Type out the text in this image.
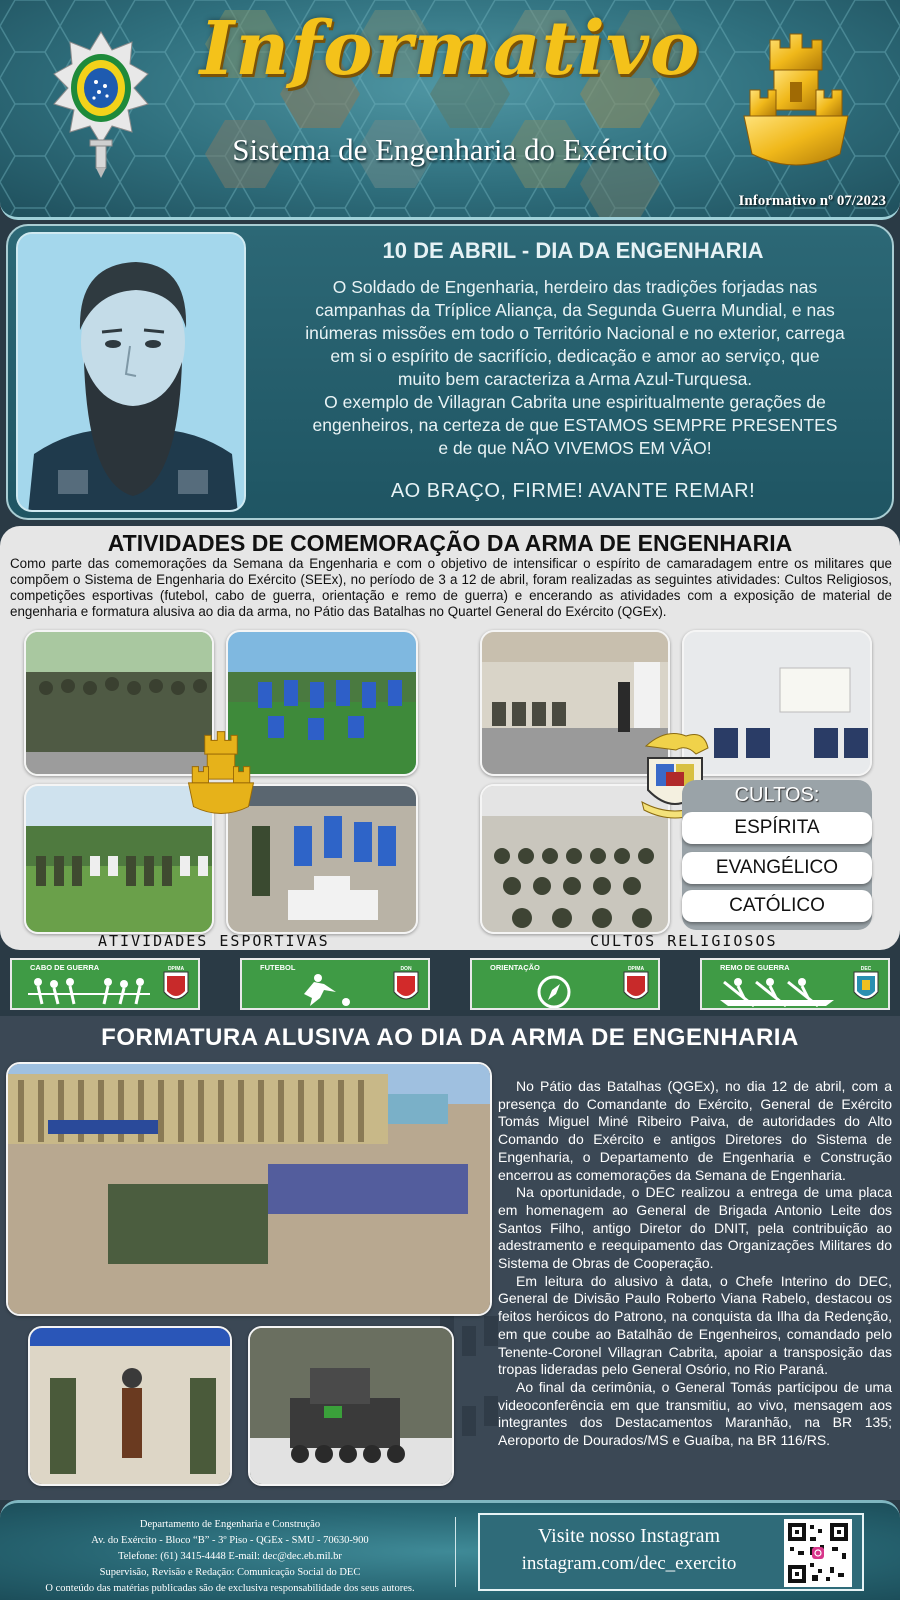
Informativo
Sistema de Engenharia do Exército
Informativo nº 07/2023
10 DE ABRIL - DIA DA ENGENHARIA
O Soldado de Engenharia, herdeiro das tradições forjadas nas
campanhas da Tríplice Aliança, da Segunda Guerra Mundial, e nas
inúmeras missões em todo o Território Nacional e no exterior, carrega
em si o espírito de sacrifício, dedicação e amor ao serviço, que
muito bem caracteriza a Arma Azul-Turquesa.
O exemplo de Villagran Cabrita une espiritualmente gerações de
engenheiros, na certeza de que ESTAMOS SEMPRE PRESENTES
e de que NÃO VIVEMOS EM VÃO!
AO BRAÇO, FIRME! AVANTE REMAR!
ATIVIDADES DE COMEMORAÇÃO DA ARMA DE ENGENHARIA
Como parte das comemorações da Semana da Engenharia e com o objetivo de intensificar o espírito de camaradagem entre os militares que compõem o Sistema de Engenharia do Exército (SEEx), no período de 3 a 12 de abril, foram realizadas as seguintes atividades: Cultos Religiosos, competições esportivas (futebol, cabo de guerra, orientação e remo de guerra) e encerando as atividades com a exposição de material de engenharia e formatura alusiva ao dia da arma, no Pátio das Batalhas no Quartel General do Exército (QGEx).
CULTOS:
ESPÍRITA
EVANGÉLICO
CATÓLICO
ATIVIDADES ESPORTIVAS	CULTOS RELIGIOSOS
CABO DE GUERRA	DPIMA	FUTEBOL	DON	ORIENTAÇÃO	DPIMA	REMO DE GUERRA	DEC
FORMATURA ALUSIVA AO DIA DA ARMA DE ENGENHARIA

No Pátio das Batalhas (QGEx), no dia 12 de abril, com a presença do Comandante do Exército, General de Exército Tomás Miguel Miné Ribeiro Paiva, de autoridades do Alto Comando do Exército e antigos Diretores do Sistema de Engenharia, o Departamento de Engenharia e Construção encerrou as comemorações da Semana de Engenharia.

Na oportunidade, o DEC realizou a entrega de uma placa em homenagem ao General de Brigada Antonio Leite dos Santos Filho, antigo Diretor do DNIT, pela contribuição ao adestramento e reequipamento das Organizações Militares do Sistema de Obras de Cooperação.

Em leitura do alusivo à data, o Chefe Interino do DEC, General de Divisão Paulo Roberto Viana Rabelo, destacou os feitos heróicos do Patrono, na conquista da Ilha da Redenção, em que coube ao Batalhão de Engenheiros, comandado pelo Tenente-Coronel Villagran Cabrita, apoiar a transposição das tropas lideradas pelo General Osório, no Rio Paraná.

Ao final da cerimônia, o General Tomás participou de uma videoconferência em que transmitiu, ao vivo, mensagem aos integrantes dos Destacamentos Maranhão, na BR 135; Aeroporto de Dourados/MS e Guaíba, na BR 116/RS.

Departamento de Engenharia e Construção
Av. do Exército - Bloco “B” - 3º Piso - QGEx - SMU - 70630-900
Telefone: (61) 3415-4448 E-mail: dec@dec.eb.mil.br
Supervisão, Revisão e Redação: Comunicação Social do DEC
O conteúdo das matérias publicadas são de exclusiva responsabilidade dos seus autores.
Visite nosso Instagram
instagram.com/dec_exercito
